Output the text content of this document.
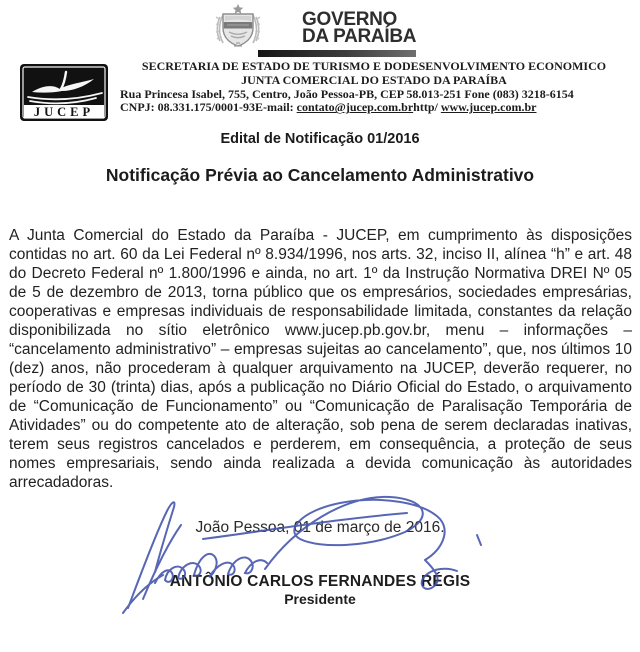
GOVERNO
DA PARAÍBA
JUCEP
SECRETARIA DE ESTADO DE TURISMO E DODESENVOLVIMENTO ECONOMICO
JUNTA COMERCIAL DO ESTADO DA PARAÍBA
Rua Princesa Isabel, 755, Centro, João Pessoa-PB, CEP 58.013-251 Fone (083) 3218-6154
CNPJ: 08.331.175/0001-93E-mail: contato@jucep.com.brhttp/ www.jucep.com.br
Edital de Notificação 01/2016
Notificação Prévia ao Cancelamento Administrativo
A Junta Comercial do Estado da Paraíba - JUCEP, em cumprimento às disposições contidas no art. 60 da Lei Federal nº 8.934/1996, nos arts. 32, inciso II, alínea “h” e art. 48 do Decreto Federal nº 1.800/1996 e ainda, no art. 1º da Instrução Normativa DREI Nº 05 de 5 de dezembro de 2013, torna público que os empresários, sociedades empresárias, cooperativas e empresas individuais de responsabilidade limitada, constantes da relação disponibilizada no sítio eletrônico www.jucep.pb.gov.br, menu – informações – “cancelamento administrativo” – empresas sujeitas ao cancelamento”, que, nos últimos 10 (dez) anos, não procederam à qualquer arquivamento na JUCEP, deverão requerer, no período de 30 (trinta) dias, após a publicação no Diário Oficial do Estado, o arquivamento de “Comunicação de Funcionamento” ou “Comunicação de Paralisação Temporária de Atividades” ou do competente ato de alteração, sob pena de serem declaradas inativas, terem seus registros cancelados e perderem, em consequência, a proteção de seus nomes empresariais, sendo ainda realizada a devida comunicação às autoridades arrecadadoras.
João Pessoa, 01 de março de 2016.
ANTÔNIO CARLOS FERNANDES RÉGIS
Presidente
